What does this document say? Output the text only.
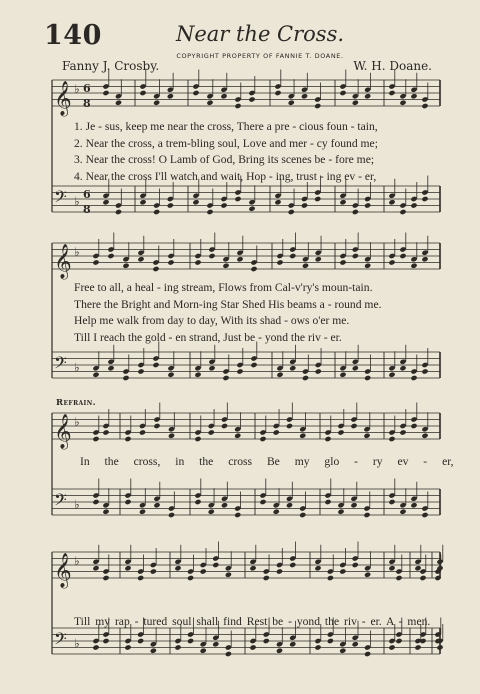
140	Near the Cross.
COPYRIGHT PROPERTY OF FANNIE T. DOANE.
Fanny J. Crosby.	W. H. Doane.
𝄞 ♭ 6
8
𝄢 ♭ 6
8
𝄞 ♭
𝄢 ♭
𝄞 ♭
𝄢 ♭
𝄞 ♭
𝄢 ♭
1. Je - sus, keep me near the cross, There a pre - cious foun - tain,
2. Near the cross, a trem-bling soul, Love and mer - cy found me;
3. Near the cross! O Lamb of God, Bring its scenes be - fore me;
4. Near the cross I'll watch and wait, Hop - ing, trust - ing ev - er,
Free to all, a heal - ing stream, Flows from Cal-v'ry's moun-tain.
There the Bright and Morn-ing Star Shed His beams a - round me.
Help me walk from day to day, With its shad - ows o'er me.
Till I reach the gold - en strand, Just be - yond the riv - er.
Refrain.
In the cross, in the cross Be my glo - ry ev - er,
Till my rap - tured soul shall find Rest be - yond the riv - er. A - men.
